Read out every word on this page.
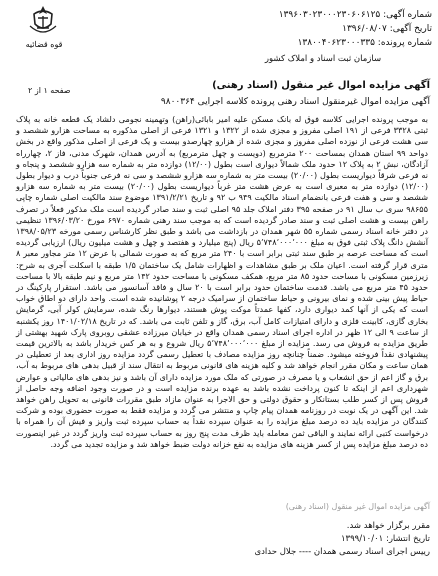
قوه قضائیه
سازمان ثبت اسناد و املاک کشور
شماره آگهی: ۱۳۹۶۰۳۰۲۳۰۰۰۲۳۰۶۰۶۱۲۵
تاریخ آگهی: ۱۳۹۶/۰۸/۰۷
شماره پرونده: ۱۳۸۰۰۴۰۶۲۳۰۰۰۳۳۵
صفحه ۱ از ۲	آگهی مزایده اموال غیر منقول (اسناد رهنی)
آگهی مزایده اموال غیرمنقول اسناد رهنی پرونده کلاسه اجرایی ۹۸۰۰۳۶۴
به موجب پرونده اجرایی کلاسه فوق له بانک مسکن علیه امیر بابائی(راهن) وتهمینه نجومی دلشاد یک قطعه خانه به پلاک ثبتی ۳۳۲۸ فرعی از ۱۹۱ اصلی مفروز و مجزی شده از ۱۳۲۲ و ۱۳۲۱ فرعی از اصلی مذکوره به مساحت هزارو ششصد و سی هشت فرعی از نوزده اصلی مفروز و مجزی شده از هزارو چهارصدو بیست و یک فرعی از اصلی مذکور واقع در بخش دواحد ۹۹ استان همدان بمساحت ۲۰۰ مترمربع (دویست و چهل مترمربع) به آدرس همدان، شهرک مدنی، فاز ۲، چهارراه آزادگان، نبش ۲ به پلاک ۱۲ حدود ملک شمالاً دیواری است بطول (۱۲/۰۰) دوازده متر به شماره سه هزارو ششصد و پنجاه و نه فرعی شرقاً دیواریست بطول (۲۰/۰۰) بیست متر به شماره سه هزارو ششصد و سی نه فرعی جنوباً درب و دیوار بطول (۱۲/۰۰) دوازده متر به معبری است به عرض هشت متر غرباً دیواریست بطول (۲۰/۰۰) بیست متر به شماره سه هزارو ششصد و سی و هفت فرعی بانضمام اسناد مالکیت ۹۴۹ ب ۹۲ و تاریخ ۱۳۹۱/۲/۲۱ موضوع سند مالکیت اصلی شماره چاپی ۹۸۶۵۵ سری ب سال ۹۱ در صفحه ۳۹۵ دفتر املاک جلد ۹۵ اصلی ثبت و سند صادر گردیده است ملک مذکور فعلاً در تصرف راهن بیست و هشت اصلی ثبت و سند صادر گردیده است که به موجب سند رهنی شماره ۶۹۷۰ مورخ ۱۳۹۶/۰۳/۲۰ تنظیمی در دفتر خانه اسناد رسمی شماره ۵۵ شهر همدان در بازداشت می باشد و طبق نظر کارشناس رسمی مورخه ۱۳۹۸/۰۵/۲۳ آنشش دانگ پلاک ثبتی فوق به مبلغ ۵٬۷۴۸٬۰۰۰٬۰۰۰ ریال (پنج میلیارد و هفتصد و چهل و هشت میلیون ریال) ارزیابی گردیده است که مساحت عرصه بر طبق سند ثبتی برابر است با ۲۴۰ متر مربع که به صورت شمالی با عرض ۱۲ متر مجاور معبر ۸ متری قرار گرفته است. اعیان ملک بر طبق مشاهدات و اظهارات شامل یک ساختمان ۱/۵ طبقه با اسکلت آجری به شرح: زیرزمین مسکونی با مساحت حدود ۸۵ متر مربع، همکف مسکونی با مساحت حدود ۱۴۲ متر مربع و نیم طبقه بالا با مساحت حدود ۴۵ متر مربع می باشد. قدمت ساختمان حدود برابر است با ۲۰ سال و فاقد آسانسور می باشد. استقرار پارکینگ در حیاط پیش بینی شده و نمای بیرونی و حیاط ساختمان از سرامیک درجه ۲ پوشانیده شده است. واحد دارای دو اطاق خواب است که یکی از آنها کمد دیواری دارد، کفها عمدتاً موکت پوش هستند، دیوارها رنگ شده، سرمایش کولر آبی، گرمایش بخاری گازی، کابینت فلزی و دارای امتیازات کامل آب، برق، گاز و تلفن ثابت می باشد. که در تاریخ ۱۴۰۱/۰۲/۱۸ روز یکشنبه از ساعت ۹ الی ۱۲ ظهر در اداره اجرای اسناد رسمی همدان واقع در خیابان میرزاده عشقی روبروی پارک شهید بهشتی از طریق مزایده به فروش می رسد. مزایده از مبلغ ۵٬۷۴۸٬۰۰۰٬۰۰۰ ریال شروع و به هر کس خریدار باشد به بالاترین قیمت پیشنهادی نقداً فروخته میشود. ضمناً چنانچه روز مزایده مصادف با تعطیل رسمی گردد مزایده روز اداری بعد از تعطیلی در همان ساعت و مکان مقرر انجام خواهد شد و کلیه هزینه های قانونی مربوط به انتقال سند از قبیل بدهی های مربوط به آب، برق و گاز اعم از حق انشعاب و یا مصرف در صورتی که ملک مورد مزایده دارای آن باشد و نیز بدهی های مالیاتی و عوارض شهرداری اعم از اینکه تا کنون پرداخت نشده باشد به عهده برنده مزایده است و در صورت وجود اضافه وجه حاصل از فروش پس از کسر طلب بستانکار و حقوق دولتی و حق الاجرا به عنوان مازاد طبق مقررات قانونی به تحویل راهن خواهد شد. این آگهی در یک نوبت در روزنامه همدان پیام چاپ و منتشر می گردد و مزایده فقط به صورت حضوری بوده و شرکت کنندگان در مزایده باید ده درصد مبلغ مزایده را به عنوان سپرده نقداً به حساب سپرده ثبت واریز و فیش آن را همراه با درخواست کتبی ارائه نمایند و الباقی ثمن معامله باید ظرف مدت پنج روز به حساب سپرده ثبت واریز گردد در غیر اینصورت ده درصد مبلغ مزایده پس از کسر هزینه های مزایده به نفع خزانه دولت ضبط خواهد شد و مزایده تجدید می گردد.
آگهی مزایده اموال غیر منقول (اسناد رهنی)
مقرر برگزار خواهد شد.
تاریخ انتشار: ۱۳۹۹/۱۰/۰۱
رییس اجرای اسناد رسمی همدان ---- جلال حدادی
